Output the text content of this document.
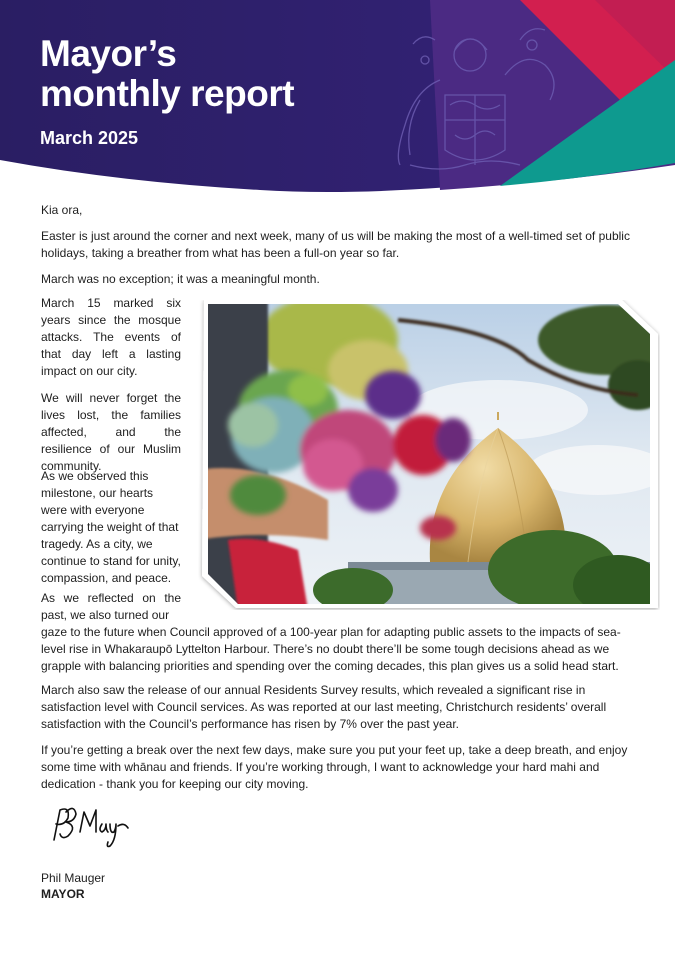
Mayor’s
monthly report

March 2025

Kia ora,

Easter is just around the corner and next week, many of us will be making the most of a well-timed set of public holidays, taking a breather from what has been a full-on year so far.

March was no exception; it was a meaningful month.

March 15 marked six years since the mosque attacks. The events of that day left a lasting impact on our city.

We will never forget the lives lost, the families affected, and the resilience of our Muslim community.

As we observed this milestone, our hearts were with everyone carrying the weight of that tragedy. As a city, we continue to stand for unity, compassion, and peace.

As we reflected on the past, we also turned our

gaze to the future when Council approved of a 100-year plan for adapting public assets to the impacts of sea-level rise in Whakaraupō Lyttelton Harbour. There’s no doubt there’ll be some tough decisions ahead as we grapple with balancing priorities and spending over the coming decades, this plan gives us a solid head start.

March also saw the release of our annual Residents Survey results, which revealed a significant rise in satisfaction level with Council services. As was reported at our last meeting, Christchurch residents’ overall satisfaction with the Council’s performance has risen by 7% over the past year.

If you’re getting a break over the next few days, make sure you put your feet up, take a deep breath, and enjoy some time with whānau and friends. If you’re working through, I want to acknowledge your hard mahi and dedication - thank you for keeping our city moving.

Phil Mauger

MAYOR
